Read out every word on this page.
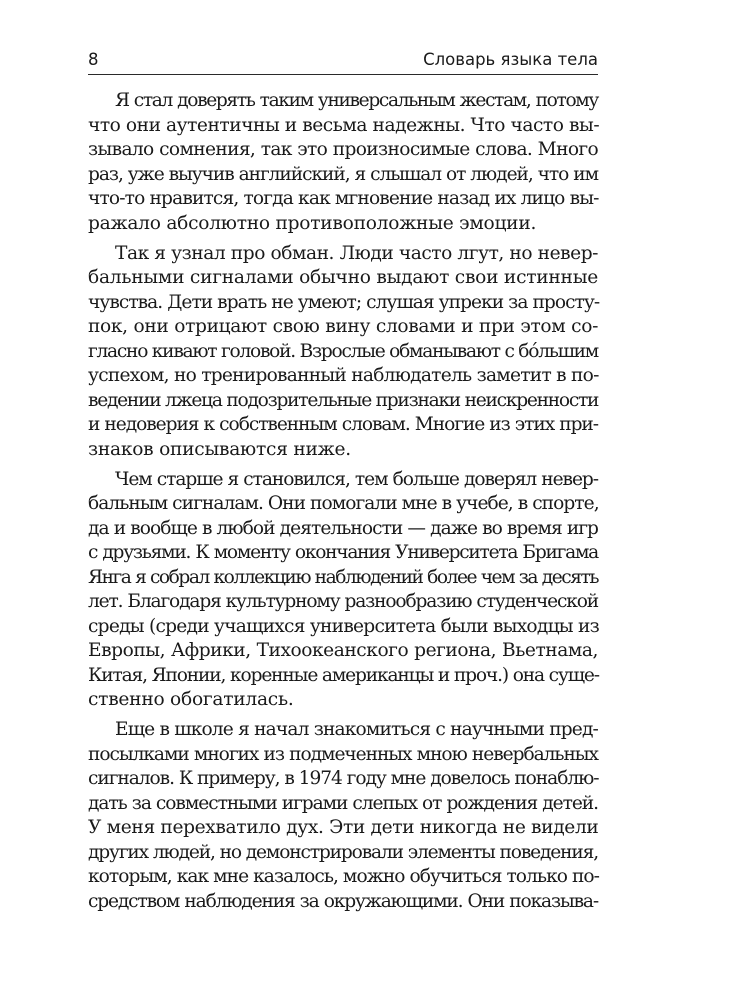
8	Словарь языка тела
Я стал доверять таким универсальным жестам, потому
что они аутентичны и весьма надежны. Что часто вы-
зывало сомнения, так это произносимые слова. Много
раз, уже выучив английский, я слышал от людей, что им
что-то нравится, тогда как мгновение назад их лицо вы-
ражало абсолютно противоположные эмоции.
Так я узнал про обман. Люди часто лгут, но невер-
бальными сигналами обычно выдают свои истинные
чувства. Дети врать не умеют; слушая упреки за просту-
пок, они отрицают свою вину словами и при этом со-
гласно кивают головой. Взрослые обманывают с бо́льшим
успехом, но тренированный наблюдатель заметит в по-
ведении лжеца подозрительные признаки неискренности
и недоверия к собственным словам. Многие из этих при-
знаков описываются ниже.
Чем старше я становился, тем больше доверял невер-
бальным сигналам. Они помогали мне в учебе, в спорте,
да и вообще в любой деятельности — даже во время игр
с друзьями. К моменту окончания Университета Бригама
Янга я собрал коллекцию наблюдений более чем за десять
лет. Благодаря культурному разнообразию студенческой
среды (среди учащихся университета были выходцы из
Европы, Африки, Тихоокеанского региона, Вьетнама,
Китая, Японии, коренные американцы и проч.) она суще-
ственно обогатилась.
Еще в школе я начал знакомиться с научными пред-
посылками многих из подмеченных мною невербальных
сигналов. К примеру, в 1974 году мне довелось понаблю-
дать за совместными играми слепых от рождения детей.
У меня перехватило дух. Эти дети никогда не видели
других людей, но демонстрировали элементы поведения,
которым, как мне казалось, можно обучиться только по-
средством наблюдения за окружающими. Они показыва-
